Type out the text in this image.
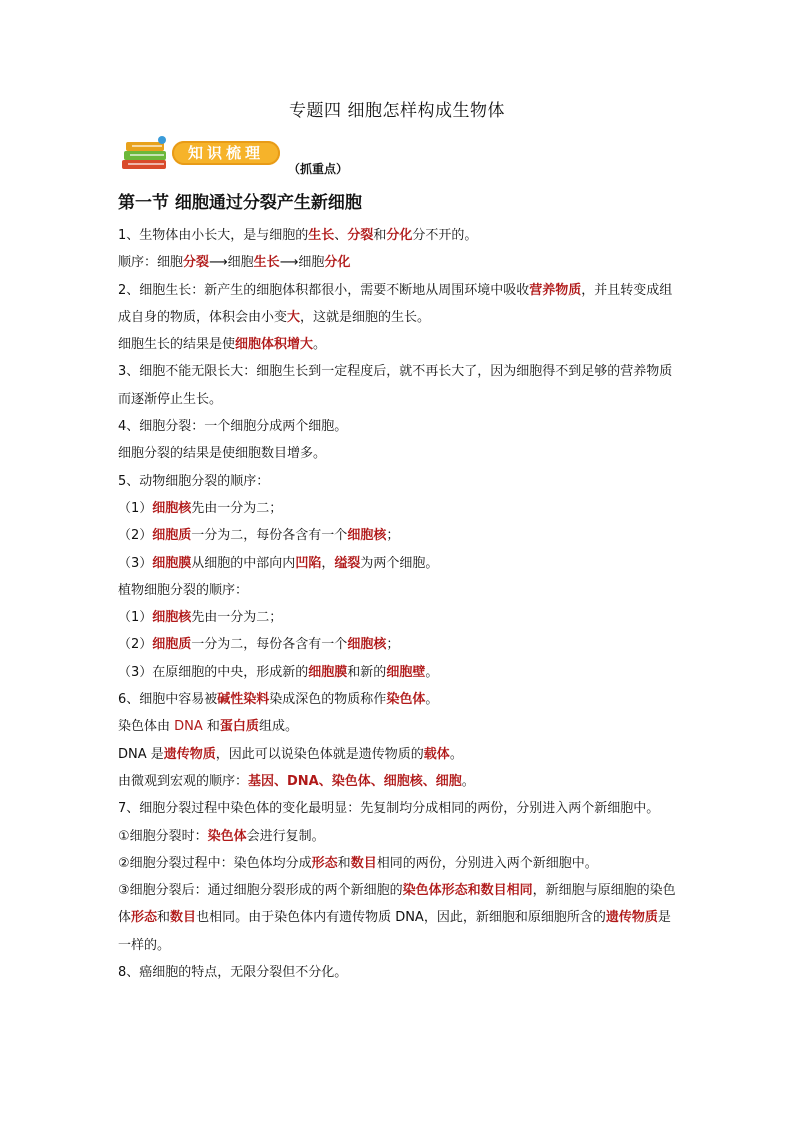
专题四 细胞怎样构成生物体
知识梳理
（抓重点）
第一节 细胞通过分裂产生新细胞

1、生物体由小长大，是与细胞的生长、分裂和分化分不开的。

顺序：细胞分裂⟶细胞生长⟶细胞分化

2、细胞生长：新产生的细胞体积都很小，需要不断地从周围环境中吸收营养物质，并且转变成组成自身的物质，体积会由小变大，这就是细胞的生长。

细胞生长的结果是使细胞体积增大。

3、细胞不能无限长大：细胞生长到一定程度后，就不再长大了，因为细胞得不到足够的营养物质而逐渐停止生长。

4、细胞分裂：一个细胞分成两个细胞。

细胞分裂的结果是使细胞数目增多。

5、动物细胞分裂的顺序：

（1）细胞核先由一分为二；

（2）细胞质一分为二，每份各含有一个细胞核；

（3）细胞膜从细胞的中部向内凹陷，缢裂为两个细胞。

植物细胞分裂的顺序：

（1）细胞核先由一分为二；

（2）细胞质一分为二，每份各含有一个细胞核；

（3）在原细胞的中央，形成新的细胞膜和新的细胞壁。

6、细胞中容易被碱性染料染成深色的物质称作染色体。

染色体由 DNA 和蛋白质组成。

DNA 是遗传物质，因此可以说染色体就是遗传物质的载体。

由微观到宏观的顺序：基因、DNA、染色体、细胞核、细胞。

7、细胞分裂过程中染色体的变化最明显：先复制均分成相同的两份，分别进入两个新细胞中。

①细胞分裂时：染色体会进行复制。

②细胞分裂过程中：染色体均分成形态和数目相同的两份，分别进入两个新细胞中。

③细胞分裂后：通过细胞分裂形成的两个新细胞的染色体形态和数目相同，新细胞与原细胞的染色体形态和数目也相同。由于染色体内有遗传物质 DNA，因此，新细胞和原细胞所含的遗传物质是一样的。

8、癌细胞的特点，无限分裂但不分化。
